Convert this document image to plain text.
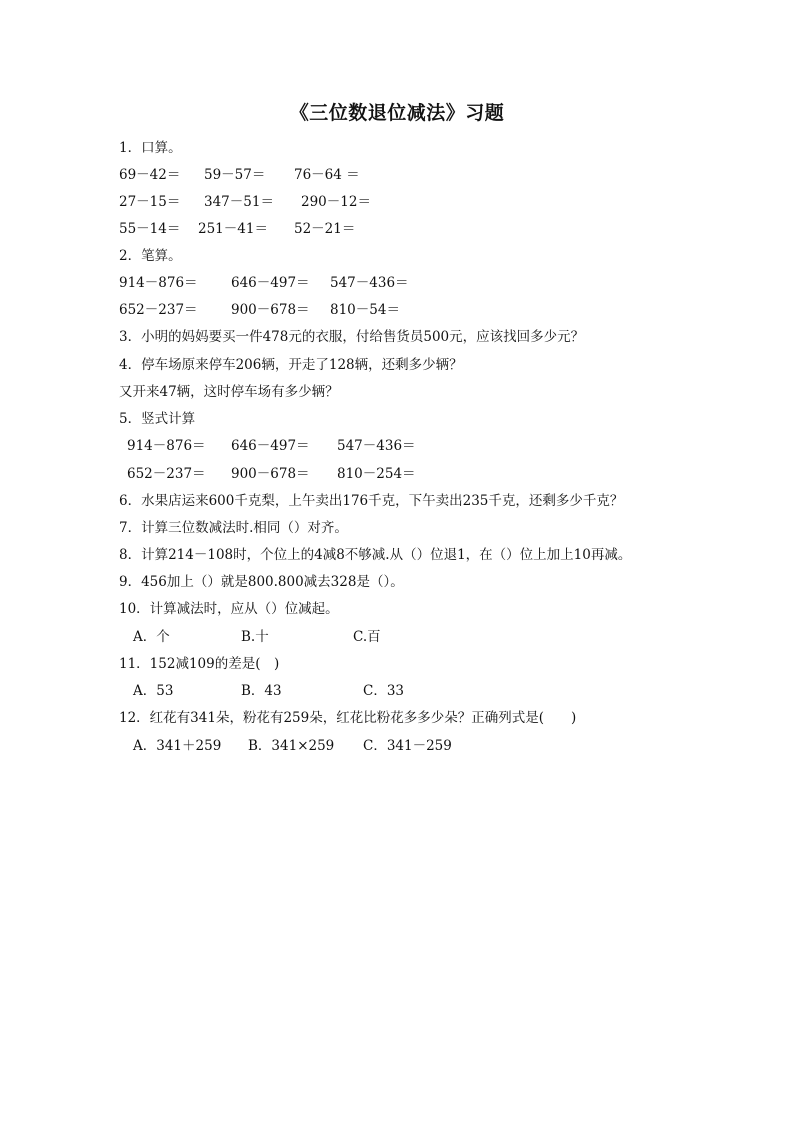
《三位数退位减法》习题
1．口算。
69－42＝ 59－57＝ 76－64 ＝
27－15＝ 347－51＝ 290－12＝
55－14＝ 251－41＝ 52－21＝
2．笔算。
914－876＝ 646－497＝ 547－436＝
652－237＝ 900－678＝ 810－54＝
3．小明的妈妈要买一件478元的衣服，付给售货员500元，应该找回多少元？
4．停车场原来停车206辆，开走了128辆，还剩多少辆？
又开来47辆，这时停车场有多少辆？
5．竖式计算
914－876＝ 646－497＝ 547－436＝
652－237＝ 900－678＝ 810－254＝
6．水果店运来600千克梨，上午卖出176千克，下午卖出235千克，还剩多少千克？
7．计算三位数减法时.相同（）对齐。
8．计算214－108时，个位上的4减8不够减.从（）位退1，在（）位上加上10再减。
9．456加上（）就是800.800减去328是（）。
10．计算减法时，应从（）位减起。
A．个	B.十	C.百
11．152减109的差是(　)
A．53	B．43	C．33
12．红花有341朵，粉花有259朵，红花比粉花多多少朵？正确列式是(　　)
A．341＋259 B．341×259 C．341－259
